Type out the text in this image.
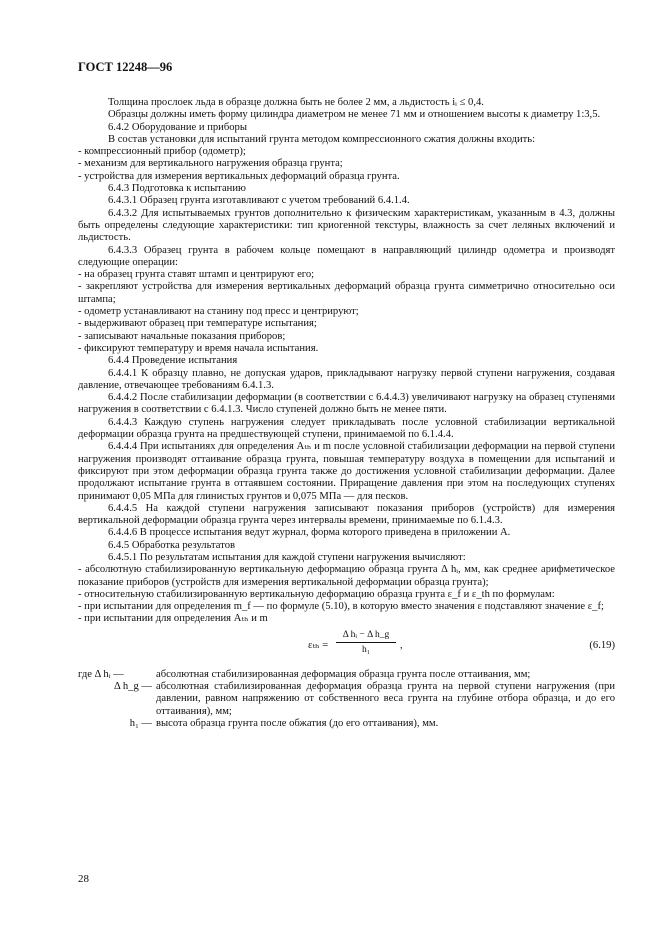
ГОСТ 12248—96

Толщина прослоек льда в образце должна быть не более 2 мм, а льдистость iᵢ ≤ 0,4.

Образцы должны иметь форму цилиндра диаметром не менее 71 мм и отношением высоты к диаметру 1:3,5.

6.4.2 Оборудование и приборы

В состав установки для испытаний грунта методом компрессионного сжатия должны входить:

- компрессионный прибор (одометр);

- механизм для вертикального нагружения образца грунта;

- устройства для измерения вертикальных деформаций образца грунта.

6.4.3 Подготовка к испытанию

6.4.3.1 Образец грунта изготавливают с учетом требований 6.4.1.4.

6.4.3.2 Для испытываемых грунтов дополнительно к физическим характеристикам, указанным в 4.3, должны быть определены следующие характеристики: тип криогенной текстуры, влажность за счет леляных включений и льдистость.

6.4.3.3 Образец грунта в рабочем кольце помещают в направляющий цилиндр одометра и производят следующие операции:

- на образец грунта ставят штамп и центрируют его;

- закрепляют устройства для измерения вертикальных деформаций образца грунта симметрично относительно оси штампа;

- одометр устанавливают на станину под пресс и центрируют;

- выдерживают образец при температуре испытания;

- записывают начальные показания приборов;

- фиксируют температуру и время начала испытания.

6.4.4 Проведение испытания

6.4.4.1 К образцу плавно, не допуская ударов, прикладывают нагрузку первой ступени нагружения, создавая давление, отвечающее требованиям 6.4.1.3.

6.4.4.2 После стабилизации деформации (в соответствии с 6.4.4.3) увеличивают нагрузку на образец ступенями нагружения в соответствии с 6.4.1.3. Число ступеней должно быть не менее пяти.

6.4.4.3 Каждую ступень нагружения следует прикладывать после условной стабилизации вертикальной деформации образца грунта на предшествующей ступени, принимаемой по 6.1.4.4.

6.4.4.4 При испытаниях для определения Aₜₕ и m после условной стабилизации деформации на первой ступени нагружения производят оттаивание образца грунта, повышая температуру воздуха в помещении для испытаний и фиксируют при этом деформации образца грунта также до достижения условной стабилизации деформации. Далее продолжают испытание грунта в оттаявшем состоянии. Приращение давления при этом на последующих ступенях принимают 0,05 МПа для глинистых грунтов и 0,075 МПа — для песков.

6.4.4.5 На каждой ступени нагружения записывают показания приборов (устройств) для измерения вертикальной деформации образца грунта через интервалы времени, принимаемые по 6.1.4.3.

6.4.4.6 В процессе испытания ведут журнал, форма которого приведена в приложении А.

6.4.5 Обработка результатов

6.4.5.1 По результатам испытания для каждой ступени нагружения вычисляют:

- абсолютную стабилизированную вертикальную деформацию образца грунта Δ hᵢ, мм, как среднее арифметическое показание приборов (устройств для измерения вертикальной деформации образца грунта);

- относительную стабилизированную вертикальную деформацию образца грунта ε_f и ε_th по формулам:

- при испытании для определения m_f — по формуле (5.10), в которую вместо значения ε подставляют значение ε_f;

- при испытании для определения Aₜₕ и m

$\varepsilon_{th} = \frac{\text{Δ hᵢ − Δ h\_g}}{\text{h₁}}$ ,	(6.19)
где Δ hᵢ —	абсолютная стабилизированная деформация образца грунта после оттаивания, мм;
Δ h_g — абсолютная стабилизированная деформация образца грунта на первой ступени нагружения (при давлении, равном напряжению от собственного веса грунта на глубине отбора образца, и до его оттаивания), мм;
h₁ — высота образца грунта после обжатия (до его оттаивания), мм.
28
